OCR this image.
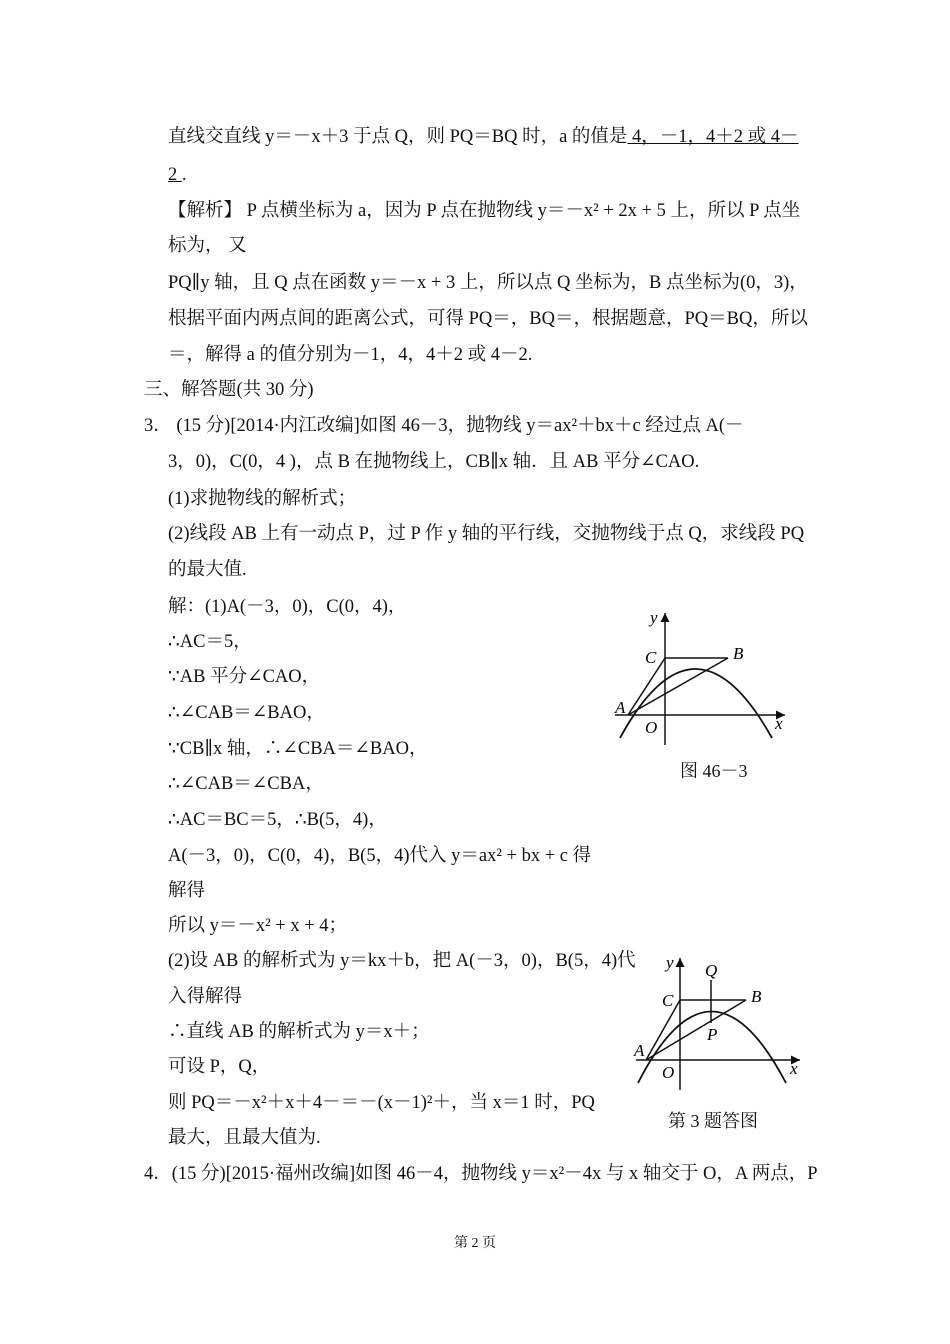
直线交直线 y＝－x＋3 于点 Q，则 PQ＝BQ 时，a 的值是 4，－1，4＋2 或 4－
2 .
【解析】 P 点横坐标为 a，因为 P 点在抛物线 y＝－x² + 2x + 5 上，所以 P 点坐
标为， 又
PQ∥y 轴，且 Q 点在函数 y＝－x + 3 上，所以点 Q 坐标为，B 点坐标为(0，3)，
根据平面内两点间的距离公式，可得 PQ＝，BQ＝，根据题意，PQ＝BQ，所以
＝，解得 a 的值分别为－1，4，4＋2 或 4－2.
三、解答题(共 30 分)
3． (15 分)[2014·内江改编]如图 46－3，抛物线 y＝ax²＋bx＋c 经过点 A(－
3，0)，C(0，4 )，点 B 在抛物线上，CB∥x 轴．且 AB 平分∠CAO.
(1)求抛物线的解析式；
(2)线段 AB 上有一动点 P，过 P 作 y 轴的平行线，交抛物线于点 Q，求线段 PQ
的最大值.
解：(1)A(－3，0)，C(0，4)，
∴AC＝5，
∵AB 平分∠CAO，
∴∠CAB＝∠BAO，
∵CB∥x 轴，∴∠CBA＝∠BAO，
∴∠CAB＝∠CBA，
∴AC＝BC＝5，∴B(5，4)，
A(－3，0)，C(0，4)，B(5，4)代入 y＝ax² + bx + c 得
解得
所以 y＝－x² + x + 4；
(2)设 AB 的解析式为 y＝kx＋b，把 A(－3，0)，B(5，4)代
入得解得
∴直线 AB 的解析式为 y＝x＋；
可设 P，Q，
则 PQ＝－x²＋x＋4－＝－(x－1)²＋，当 x＝1 时，PQ
最大，且最大值为.
4．(15 分)[2015·福州改编]如图 46－4，抛物线 y＝x²－4x 与 x 轴交于 O，A 两点，P
y
x
C	B
A
O
图 46－3
y
x
Q
C	B
P
A
O
第 3 题答图
第 2 页
